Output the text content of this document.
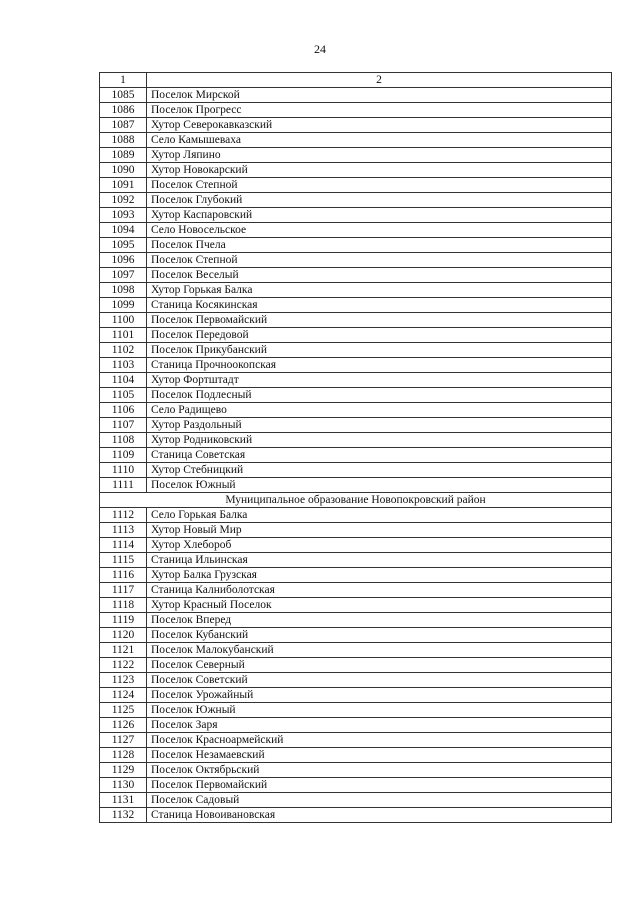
24
1	2
1085	Поселок Мирской
1086	Поселок Прогресс
1087	Хутор Северокавказский
1088	Село Камышеваха
1089	Хутор Ляпино
1090	Хутор Новокарский
1091	Поселок Степной
1092	Поселок Глубокий
1093	Хутор Каспаровский
1094	Село Новосельское
1095	Поселок Пчела
1096	Поселок Степной
1097	Поселок Веселый
1098	Хутор Горькая Балка
1099	Станица Косякинская
1100	Поселок Первомайский
1101	Поселок Передовой
1102	Поселок Прикубанский
1103	Станица Прочноокопская
1104	Хутор Фортштадт
1105	Поселок Подлесный
1106	Село Радищево
1107	Хутор Раздольный
1108	Хутор Родниковский
1109	Станица Советская
1110	Хутор Стебницкий
1111	Поселок Южный
Муниципальное образование Новопокровский район	
1112	Село Горькая Балка
1113	Хутор Новый Мир
1114	Хутор Хлебороб
1115	Станица Ильинская
1116	Хутор Балка Грузская
1117	Станица Калниболотская
1118	Хутор Красный Поселок
1119	Поселок Вперед
1120	Поселок Кубанский
1121	Поселок Малокубанский
1122	Поселок Северный
1123	Поселок Советский
1124	Поселок Урожайный
1125	Поселок Южный
1126	Поселок Заря
1127	Поселок Красноармейский
1128	Поселок Незамаевский
1129	Поселок Октябрьский
1130	Поселок Первомайский
1131	Поселок Садовый
1132	Станица Новоивановская
